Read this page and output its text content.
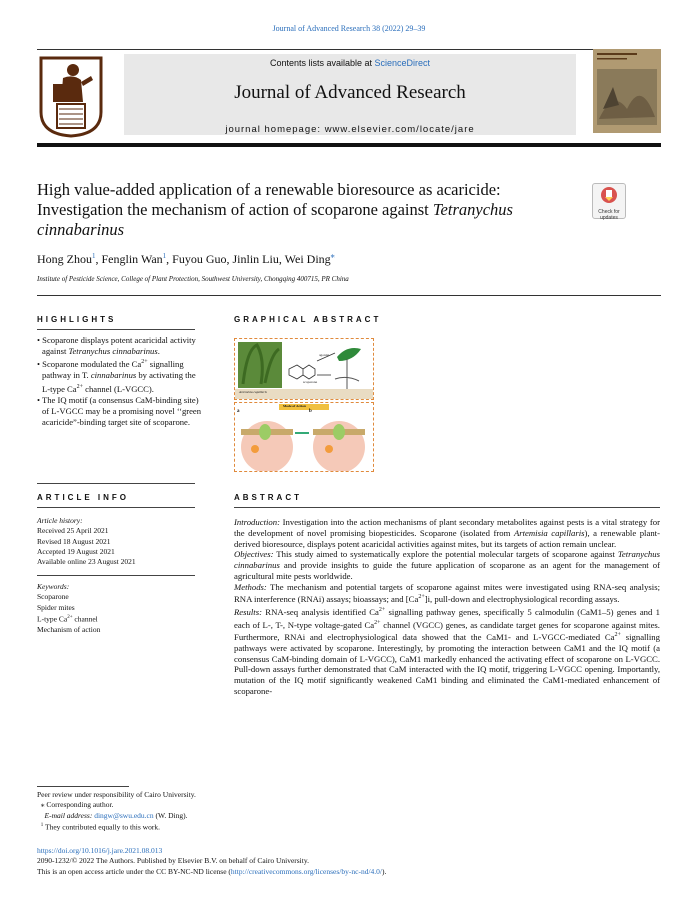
Journal of Advanced Research 38 (2022) 29–39
Contents lists available at ScienceDirect
Journal of Advanced Research
journal homepage: www.elsevier.com/locate/jare
High value-added application of a renewable bioresource as acaricide: Investigation the mechanism of action of scoparone against Tetranychus cinnabarinus
Check for
updates
Hong Zhou$^1$, Fenglin Wan$^1$, Fuyou Guo, Jinlin Liu, Wei Ding⁎
Institute of Pesticide Science, College of Plant Protection, Southwest University, Chongqing 400715, PR China
HIGHLIGHTS
• Scoparone displays potent acaricidal activity against Tetranychus cinnabarinus.
• Scoparone modulated the $Ca^{2+}$ signalling pathway in T. cinnabarinus by activating the L-type $Ca^{2+}$ channel (L-VGCC).
• The IQ motif (a consensus CaM-binding site) of L-VGCC may be a promising novel ‘‘green acaricide”-binding target site of scoparone.
GRAPHICAL ABSTRACT
Artemisia capillaris
scoparone
agonist
Mode of Action
a	b
ARTICLE INFO
Article history:
Received 25 April 2021
Revised 18 August 2021
Accepted 19 August 2021
Available online 23 August 2021
Keywords:
Scoparone
Spider mites
L-type $Ca^{2+}$ channel
Mechanism of action
ABSTRACT

Introduction: Investigation into the action mechanisms of plant secondary metabolites against pests is a vital strategy for the development of novel promising biopesticides. Scoparone (isolated from Artemisia capillaris), a renewable plant-derived bioresource, displays potent acaricidal activities against mites, but its targets of action remain unclear.

Objectives: This study aimed to systematically explore the potential molecular targets of scoparone against Tetranychus cinnabarinus and provide insights to guide the future application of scoparone as an agent for the management of agricultural mite pests worldwide.

Methods: The mechanism and potential targets of scoparone against mites were investigated using RNA-seq analysis; RNA interference (RNAi) assays; bioassays; and $[Ca^{2+}]i$, pull-down and electrophysiological recording assays.

Results: RNA-seq analysis identified $Ca^{2+}$ signalling pathway genes, specifically 5 calmodulin (CaM1–5) genes and 1 each of L-, T-, N-type voltage-gated $Ca^{2+}$ channel (VGCC) genes, as candidate target genes for scoparone against mites. Furthermore, RNAi and electrophysiological data showed that the CaM1- and L-VGCC-mediated $Ca^{2+}$ signalling pathways were activated by scoparone. Interestingly, by promoting the interaction between CaM1 and the IQ motif (a consensus CaM-binding domain of L-VGCC), CaM1 markedly enhanced the activating effect of scoparone on L-VGCC. Pull-down assays further demonstrated that CaM interacted with the IQ motif, triggering L-VGCC opening. Importantly, mutation of the IQ motif significantly weakened CaM1 binding and eliminated the CaM1-mediated enhancement of scoparone-

Peer review under responsibility of Cairo University.
⁎ Corresponding author.
E-mail address: dingw@swu.edu.cn (W. Ding).
$^1$ They contributed equally to this work.
https://doi.org/10.1016/j.jare.2021.08.013
2090-1232/© 2022 The Authors. Published by Elsevier B.V. on behalf of Cairo University.
This is an open access article under the CC BY-NC-ND license (http://creativecommons.org/licenses/by-nc-nd/4.0/).
